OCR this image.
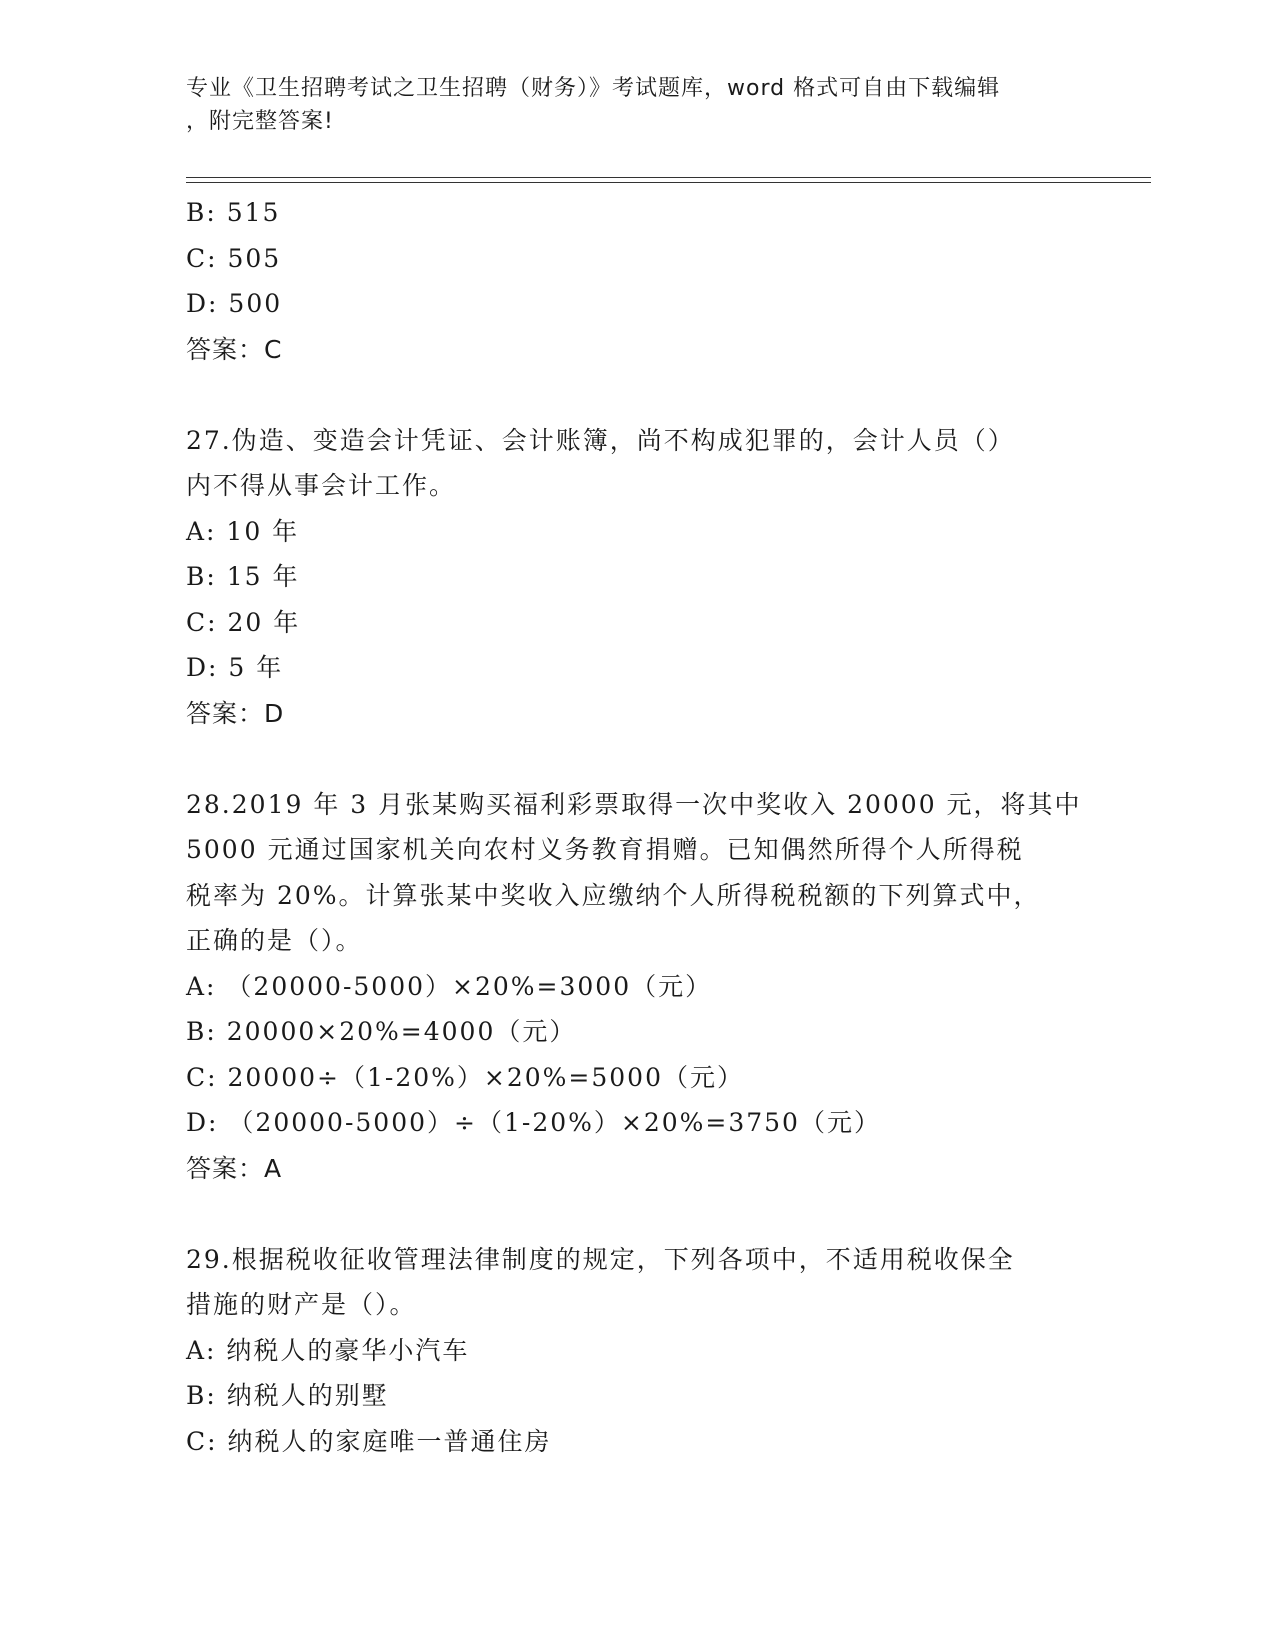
专业《卫生招聘考试之卫生招聘（财务）》考试题库，word 格式可自由下载编辑
，附完整答案!
B: 515
C: 505
D: 500
答案：C
27.伪造、变造会计凭证、会计账簿，尚不构成犯罪的，会计人员（）
内不得从事会计工作。
A: 10 年
B: 15 年
C: 20 年
D: 5 年
答案：D
28.2019 年 3 月张某购买福利彩票取得一次中奖收入 20000 元，将其中
5000 元通过国家机关向农村义务教育捐赠。已知偶然所得个人所得税
税率为 20%。计算张某中奖收入应缴纳个人所得税税额的下列算式中，
正确的是（）。
A: （20000-5000）×20%=3000（元）
B: 20000×20%=4000（元）
C: 20000÷（1-20%）×20%=5000（元）
D: （20000-5000）÷（1-20%）×20%=3750（元）
答案：A
29.根据税收征收管理法律制度的规定，下列各项中，不适用税收保全
措施的财产是（）。
A: 纳税人的豪华小汽车
B: 纳税人的别墅
C: 纳税人的家庭唯一普通住房
